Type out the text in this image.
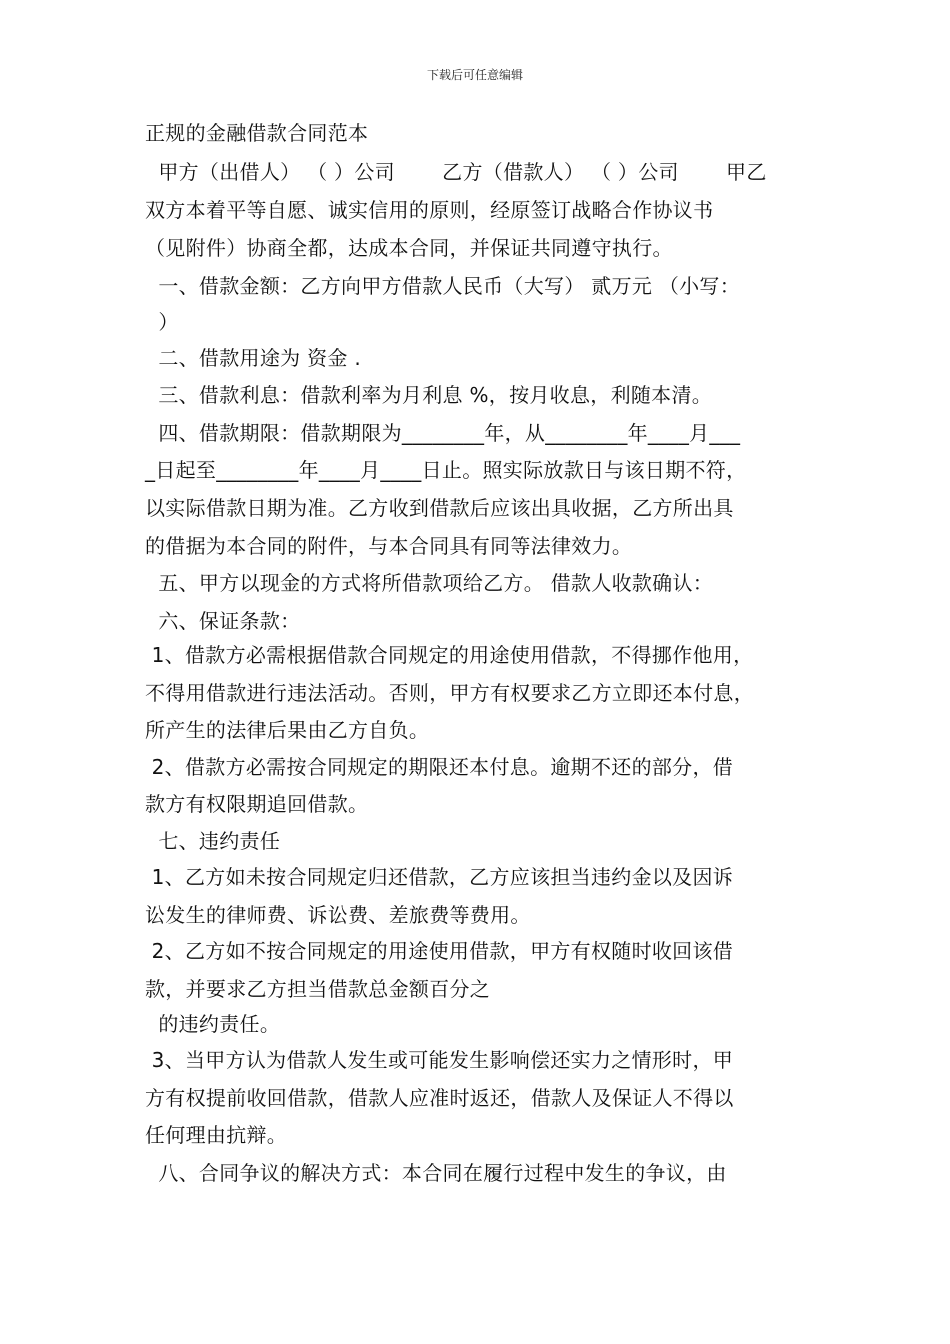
下载后可任意编辑
正规的金融借款合同范本
甲方（出借人） （ ）公司　　 乙方（借款人） （ ）公司　　 甲乙
双方本着平等自愿、诚实信用的原则，经原签订战略合作协议书
（见附件）协商全都，达成本合同，并保证共同遵守执行。
一、借款金额：乙方向甲方借款人民币（大写） 贰万元 （小写：
）
二、借款用途为 资金 .
三、借款利息：借款利率为月利息 %，按月收息，利随本清。
四、借款期限：借款期限为________年，从________年____月___
_日起至________年____月____日止。照实际放款日与该日期不符，
以实际借款日期为准。乙方收到借款后应该出具收据，乙方所出具
的借据为本合同的附件，与本合同具有同等法律效力。
五、甲方以现金的方式将所借款项给乙方。 借款人收款确认：
六、保证条款：
1、借款方必需根据借款合同规定的用途使用借款，不得挪作他用，
不得用借款进行违法活动。否则，甲方有权要求乙方立即还本付息，
所产生的法律后果由乙方自负。
2、借款方必需按合同规定的期限还本付息。逾期不还的部分，借
款方有权限期追回借款。
七、违约责任
1、乙方如未按合同规定归还借款，乙方应该担当违约金以及因诉
讼发生的律师费、诉讼费、差旅费等费用。
2、乙方如不按合同规定的用途使用借款，甲方有权随时收回该借
款，并要求乙方担当借款总金额百分之
的违约责任。
3、当甲方认为借款人发生或可能发生影响偿还实力之情形时，甲
方有权提前收回借款，借款人应准时返还，借款人及保证人不得以
任何理由抗辩。
八、合同争议的解决方式：本合同在履行过程中发生的争议，由
